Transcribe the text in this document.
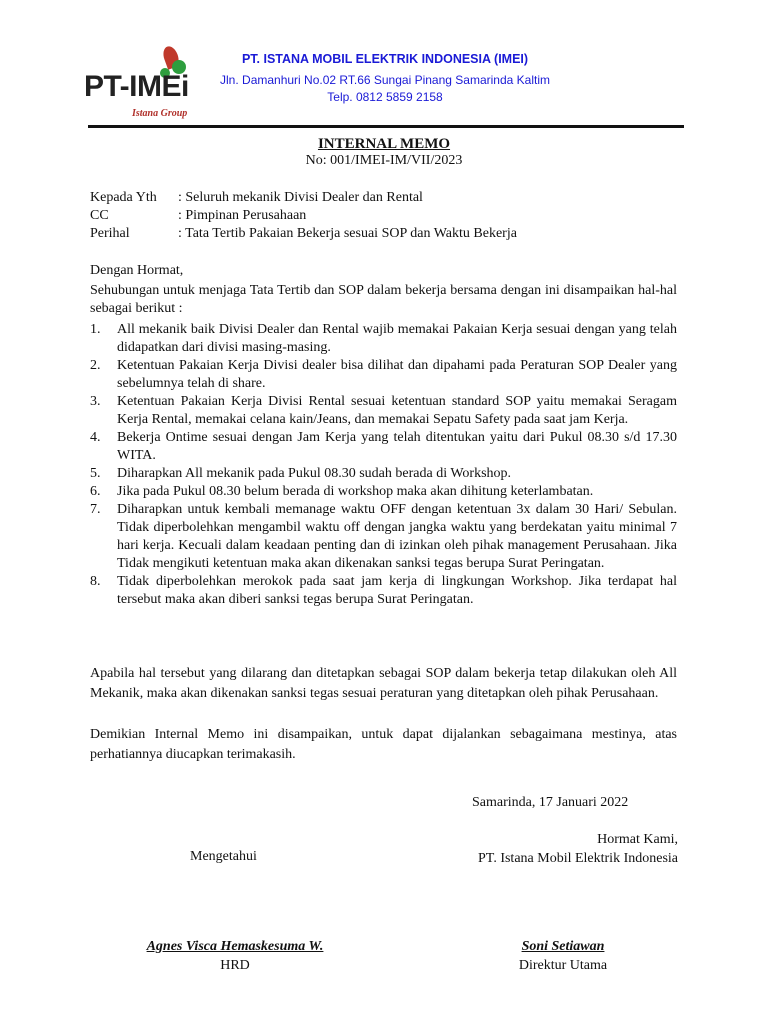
PT-IMEi
Istana Group
PT. ISTANA MOBIL ELEKTRIK INDONESIA (IMEI)
Jln. Damanhuri No.02 RT.66 Sungai Pinang Samarinda Kaltim
Telp. 0812 5859 2158
INTERNAL MEMO
No: 001/IMEI-IM/VII/2023
Kepada Yth	: Seluruh mekanik Divisi Dealer dan Rental
CC	: Pimpinan Perusahaan
Perihal	: Tata Tertib Pakaian Bekerja sesuai SOP dan Waktu Bekerja
Dengan Hormat,
Sehubungan untuk menjaga Tata Tertib dan SOP dalam bekerja bersama dengan ini disampaikan hal-hal sebagai berikut :
1.	All mekanik baik Divisi Dealer dan Rental wajib memakai Pakaian Kerja sesuai dengan yang telah didapatkan dari divisi masing-masing.
2.	Ketentuan Pakaian Kerja Divisi dealer bisa dilihat dan dipahami pada Peraturan SOP Dealer yang sebelumnya telah di share.
3.	Ketentuan Pakaian Kerja Divisi Rental sesuai ketentuan standard SOP yaitu memakai Seragam Kerja Rental, memakai celana kain/Jeans, dan memakai Sepatu Safety pada saat jam Kerja.
4.	Bekerja Ontime sesuai dengan Jam Kerja yang telah ditentukan yaitu dari Pukul 08.30 s/d 17.30 WITA.
5.	Diharapkan All mekanik pada Pukul 08.30 sudah berada di Workshop.
6.	Jika pada Pukul 08.30 belum berada di workshop maka akan dihitung keterlambatan.
7.	Diharapkan untuk kembali memanage waktu OFF dengan ketentuan 3x dalam 30 Hari/ Sebulan. Tidak diperbolehkan mengambil waktu off dengan jangka waktu yang berdekatan yaitu minimal 7 hari kerja. Kecuali dalam keadaan penting dan di izinkan oleh pihak management Perusahaan. Jika Tidak mengikuti ketentuan maka akan dikenakan sanksi tegas berupa Surat Peringatan.
8.	Tidak diperbolehkan merokok pada saat jam kerja di lingkungan Workshop. Jika terdapat hal tersebut maka akan diberi sanksi tegas berupa Surat Peringatan.
Apabila hal tersebut yang dilarang dan ditetapkan sebagai SOP dalam bekerja tetap dilakukan oleh All Mekanik, maka akan dikenakan sanksi tegas sesuai peraturan yang ditetapkan oleh pihak Perusahaan.
Demikian Internal Memo ini disampaikan, untuk dapat dijalankan sebagaimana mestinya, atas perhatiannya diucapkan terimakasih.
Samarinda, 17 Januari 2022
Hormat Kami,
PT. Istana Mobil Elektrik Indonesia
Mengetahui
Agnes Visca Hemaskesuma W.
HRD
Soni Setiawan
Direktur Utama
